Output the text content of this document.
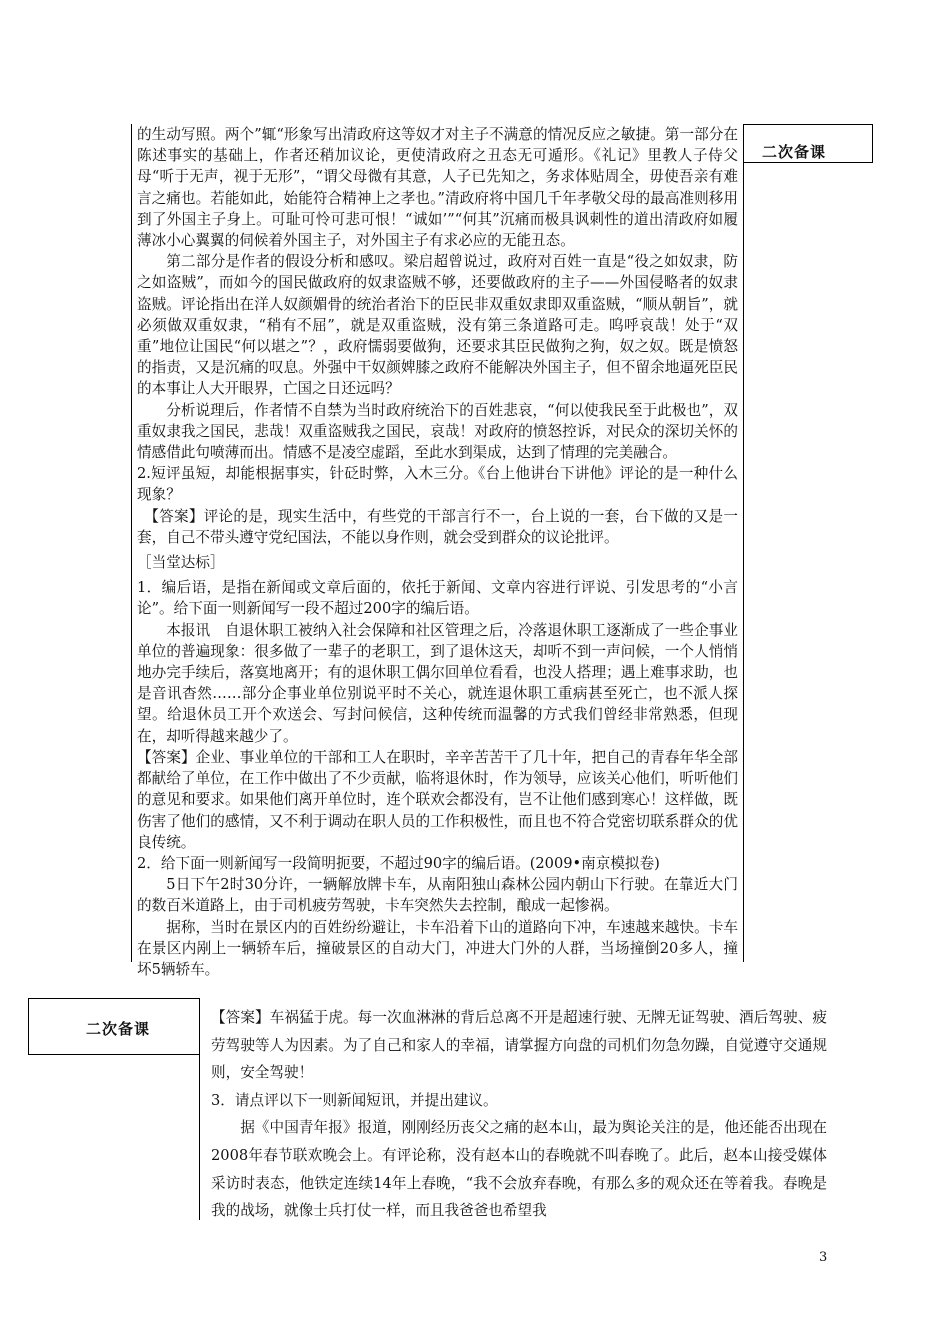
二次备课

的生动写照。两个”辄“形象写出清政府这等奴才对主子不满意的情况反应之敏捷。第一部分在陈述事实的基础上，作者还稍加议论，更使清政府之丑态无可遁形。《礼记》里教人子侍父母“听于无声，视于无形”，“谓父母微有其意，人子已先知之，务求体贴周全，毋使吾亲有难言之痛也。若能如此，始能符合精神上之孝也。”清政府将中国几千年孝敬父母的最高准则移用到了外国主子身上。可耻可怜可悲可恨！“诚如’”“何其”沉痛而极具讽刺性的道出清政府如履薄冰小心翼翼的伺候着外国主子，对外国主子有求必应的无能丑态。

第二部分是作者的假设分析和感叹。梁启超曾说过，政府对百姓一直是“役之如奴隶，防之如盗贼”，而如今的国民做政府的奴隶盗贼不够，还要做政府的主子——外国侵略者的奴隶盗贼。评论指出在洋人奴颜媚骨的统治者治下的臣民非双重奴隶即双重盗贼，“顺从朝旨”，就必须做双重奴隶，“稍有不屈”，就是双重盗贼，没有第三条道路可走。呜呼哀哉！处于“双重”地位让国民“何以堪之”？，政府懦弱要做狗，还要求其臣民做狗之狗，奴之奴。既是愤怒的指责，又是沉痛的叹息。外强中干奴颜婢膝之政府不能解决外国主子，但不留余地逼死臣民的本事让人大开眼界，亡国之日还远吗？

分析说理后，作者情不自禁为当时政府统治下的百姓悲哀，“何以使我民至于此极也”，双重奴隶我之国民，悲哉！双重盗贼我之国民，哀哉！对政府的愤怒控诉，对民众的深切关怀的情感借此句喷薄而出。情感不是凌空虚蹈，至此水到渠成，达到了情理的完美融合。

2.短评虽短，却能根据事实，针砭时弊，入木三分。《台上他讲台下讲他》评论的是一种什么现象？

【答案】评论的是，现实生活中，有些党的干部言行不一，台上说的一套，台下做的又是一套，自己不带头遵守党纪国法，不能以身作则，就会受到群众的议论批评。

［当堂达标］

1．编后语，是指在新闻或文章后面的，依托于新闻、文章内容进行评说、引发思考的“小言论”。给下面一则新闻写一段不超过200字的编后语。

本报讯　自退休职工被纳入社会保障和社区管理之后，冷落退休职工逐渐成了一些企事业单位的普遍现象：很多做了一辈子的老职工，到了退休这天，却听不到一声问候，一个人悄悄地办完手续后，落寞地离开；有的退休职工偶尔回单位看看，也没人搭理；遇上难事求助，也是音讯杳然……部分企事业单位别说平时不关心，就连退休职工重病甚至死亡，也不派人探望。给退休员工开个欢送会、写封问候信，这种传统而温馨的方式我们曾经非常熟悉，但现在，却听得越来越少了。

【答案】企业、事业单位的干部和工人在职时，辛辛苦苦干了几十年，把自己的青春年华全部都献给了单位，在工作中做出了不少贡献，临将退休时，作为领导，应该关心他们，听听他们的意见和要求。如果他们离开单位时，连个联欢会都没有，岂不让他们感到寒心！这样做，既伤害了他们的感情，又不利于调动在职人员的工作积极性，而且也不符合党密切联系群众的优良传统。

2．给下面一则新闻写一段简明扼要，不超过90字的编后语。(2009•南京模拟卷)

5日下午2时30分许，一辆解放牌卡车，从南阳独山森林公园内朝山下行驶。在靠近大门的数百米道路上，由于司机疲劳驾驶，卡车突然失去控制，酿成一起惨祸。

据称，当时在景区内的百姓纷纷避让，卡车沿着下山的道路向下冲，车速越来越快。卡车在景区内剐上一辆轿车后，撞破景区的自动大门，冲进大门外的人群，当场撞倒20多人，撞坏5辆轿车。

二次备课

【答案】车祸猛于虎。每一次血淋淋的背后总离不开是超速行驶、无牌无证驾驶、酒后驾驶、疲劳驾驶等人为因素。为了自己和家人的幸福，请掌握方向盘的司机们勿急勿躁，自觉遵守交通规则，安全驾驶！

3．请点评以下一则新闻短讯，并提出建议。

据《中国青年报》报道，刚刚经历丧父之痛的赵本山，最为舆论关注的是，他还能否出现在2008年春节联欢晚会上。有评论称，没有赵本山的春晚就不叫春晚了。此后，赵本山接受媒体采访时表态，他铁定连续14年上春晚，“我不会放弃春晚，有那么多的观众还在等着我。春晚是我的战场，就像士兵打仗一样，而且我爸爸也希望我

3
